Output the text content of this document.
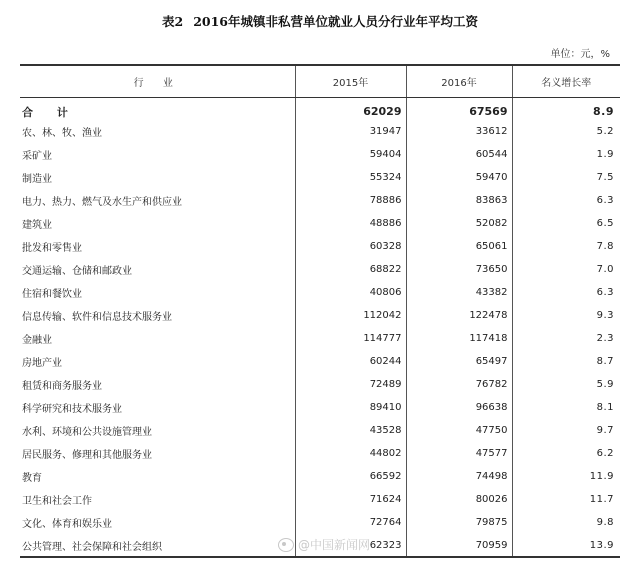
表2 2016年城镇非私营单位就业人员分行业年平均工资
单位：元，%
行 业	2015年	2016年	名义增长率
合 计	62029	67569	8.9
农、林、牧、渔业	31947	33612	5.2
采矿业	59404	60544	1.9
制造业	55324	59470	7.5
电力、热力、燃气及水生产和供应业	78886	83863	6.3
建筑业	48886	52082	6.5
批发和零售业	60328	65061	7.8
交通运输、仓储和邮政业	68822	73650	7.0
住宿和餐饮业	40806	43382	6.3
信息传输、软件和信息技术服务业	112042	122478	9.3
金融业	114777	117418	2.3
房地产业	60244	65497	8.7
租赁和商务服务业	72489	76782	5.9
科学研究和技术服务业	89410	96638	8.1
水利、环境和公共设施管理业	43528	47750	9.7
居民服务、修理和其他服务业	44802	47577	6.2
教育	66592	74498	11.9
卫生和社会工作	71624	80026	11.7
文化、体育和娱乐业	72764	79875	9.8
公共管理、社会保障和社会组织	62323	70959	13.9
@中国新闻网
